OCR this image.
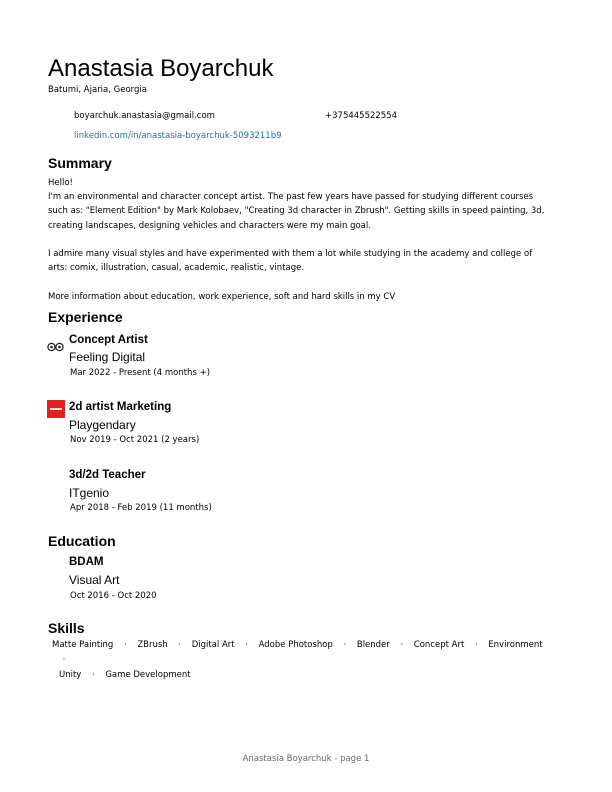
Anastasia Boyarchuk
Batumi, Ajaria, Georgia
boyarchuk.anastasia@gmail.com	+375445522554
linkedin.com/in/anastasia-boyarchuk-5093211b9
Summary

Hello!

I'm an environmental and character concept artist. The past few years have passed for studying different courses such as: "Element Edition" by Mark Kolobaev, "Creating 3d character in Zbrush". Getting skills in speed painting, 3d, creating landscapes, designing vehicles and characters were my main goal.

I admire many visual styles and have experimented with them a lot while studying in the academy and college of arts: comix, illustration, casual, academic, realistic, vintage.

More information about education, work experience, soft and hard skills in my CV

Experience
Concept Artist
Feeling Digital
Mar 2022 - Present (4 months +)
2d artist Marketing
Playgendary
Nov 2019 - Oct 2021 (2 years)
3d/2d Teacher
ITgenio
Apr 2018 - Feb 2019 (11 months)
Education
BDAM
Visual Art
Oct 2016 - Oct 2020
Skills
Matte Painting · ZBrush · Digital Art · Adobe Photoshop · Blender · Concept Art · Environment·
Unity · Game Development
Anastasia Boyarchuk - page 1
